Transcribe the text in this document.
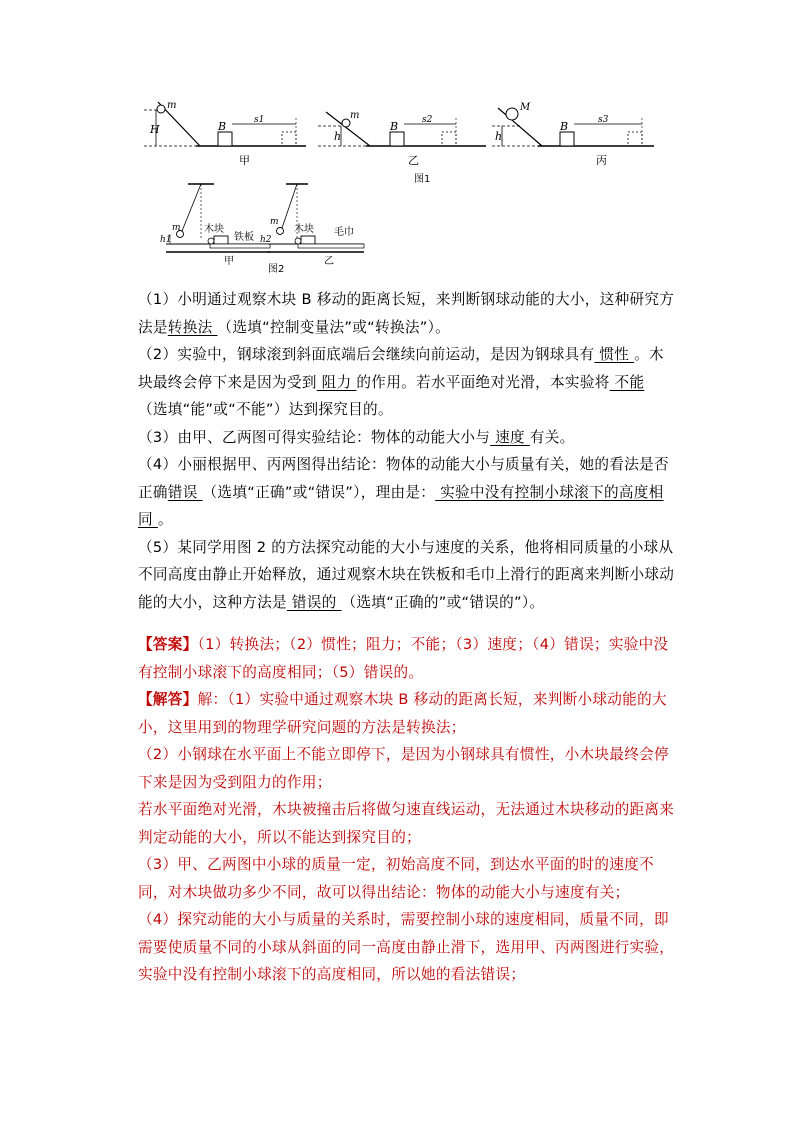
H
m
B	s1
甲
h
m
B	s2
乙
h
M
B	s3
丙
图1
m
h1
木块
铁板
甲
m
h2
木块 毛巾
乙
图2

（1）小明通过观察木块 B 移动的距离长短，来判断钢球动能的大小，这种研究方法是转换法 （选填“控制变量法”或“转换法”）。

（2）实验中，钢球滚到斜面底端后会继续向前运动，是因为钢球具有 惯性 。木块最终会停下来是因为受到 阻力 的作用。若水平面绝对光滑，本实验将 不能 （选填“能”或“不能”）达到探究目的。

（3）由甲、乙两图可得实验结论：物体的动能大小与 速度 有关。

（4）小丽根据甲、丙两图得出结论：物体的动能大小与质量有关，她的看法是否正确错误 （选填“正确”或“错误”），理由是： 实验中没有控制小球滚下的高度相同 。

（5）某同学用图 2 的方法探究动能的大小与速度的关系，他将相同质量的小球从不同高度由静止开始释放，通过观察木块在铁板和毛巾上滑行的距离来判断小球动能的大小，这种方法是 错误的 （选填“正确的”或“错误的”）。

【答案】（1）转换法；（2）惯性；阻力；不能；（3）速度；（4）错误；实验中没有控制小球滚下的高度相同；（5）错误的。

【解答】解：（1）实验中通过观察木块 B 移动的距离长短，来判断小球动能的大小，这里用到的物理学研究问题的方法是转换法；

（2）小钢球在水平面上不能立即停下，是因为小钢球具有惯性，小木块最终会停下来是因为受到阻力的作用；

若水平面绝对光滑，木块被撞击后将做匀速直线运动，无法通过木块移动的距离来判定动能的大小，所以不能达到探究目的；

（3）甲、乙两图中小球的质量一定，初始高度不同，到达水平面的时的速度不同，对木块做功多少不同，故可以得出结论：物体的动能大小与速度有关；

（4）探究动能的大小与质量的关系时，需要控制小球的速度相同，质量不同，即需要使质量不同的小球从斜面的同一高度由静止滑下，选用甲、丙两图进行实验，实验中没有控制小球滚下的高度相同，所以她的看法错误；
